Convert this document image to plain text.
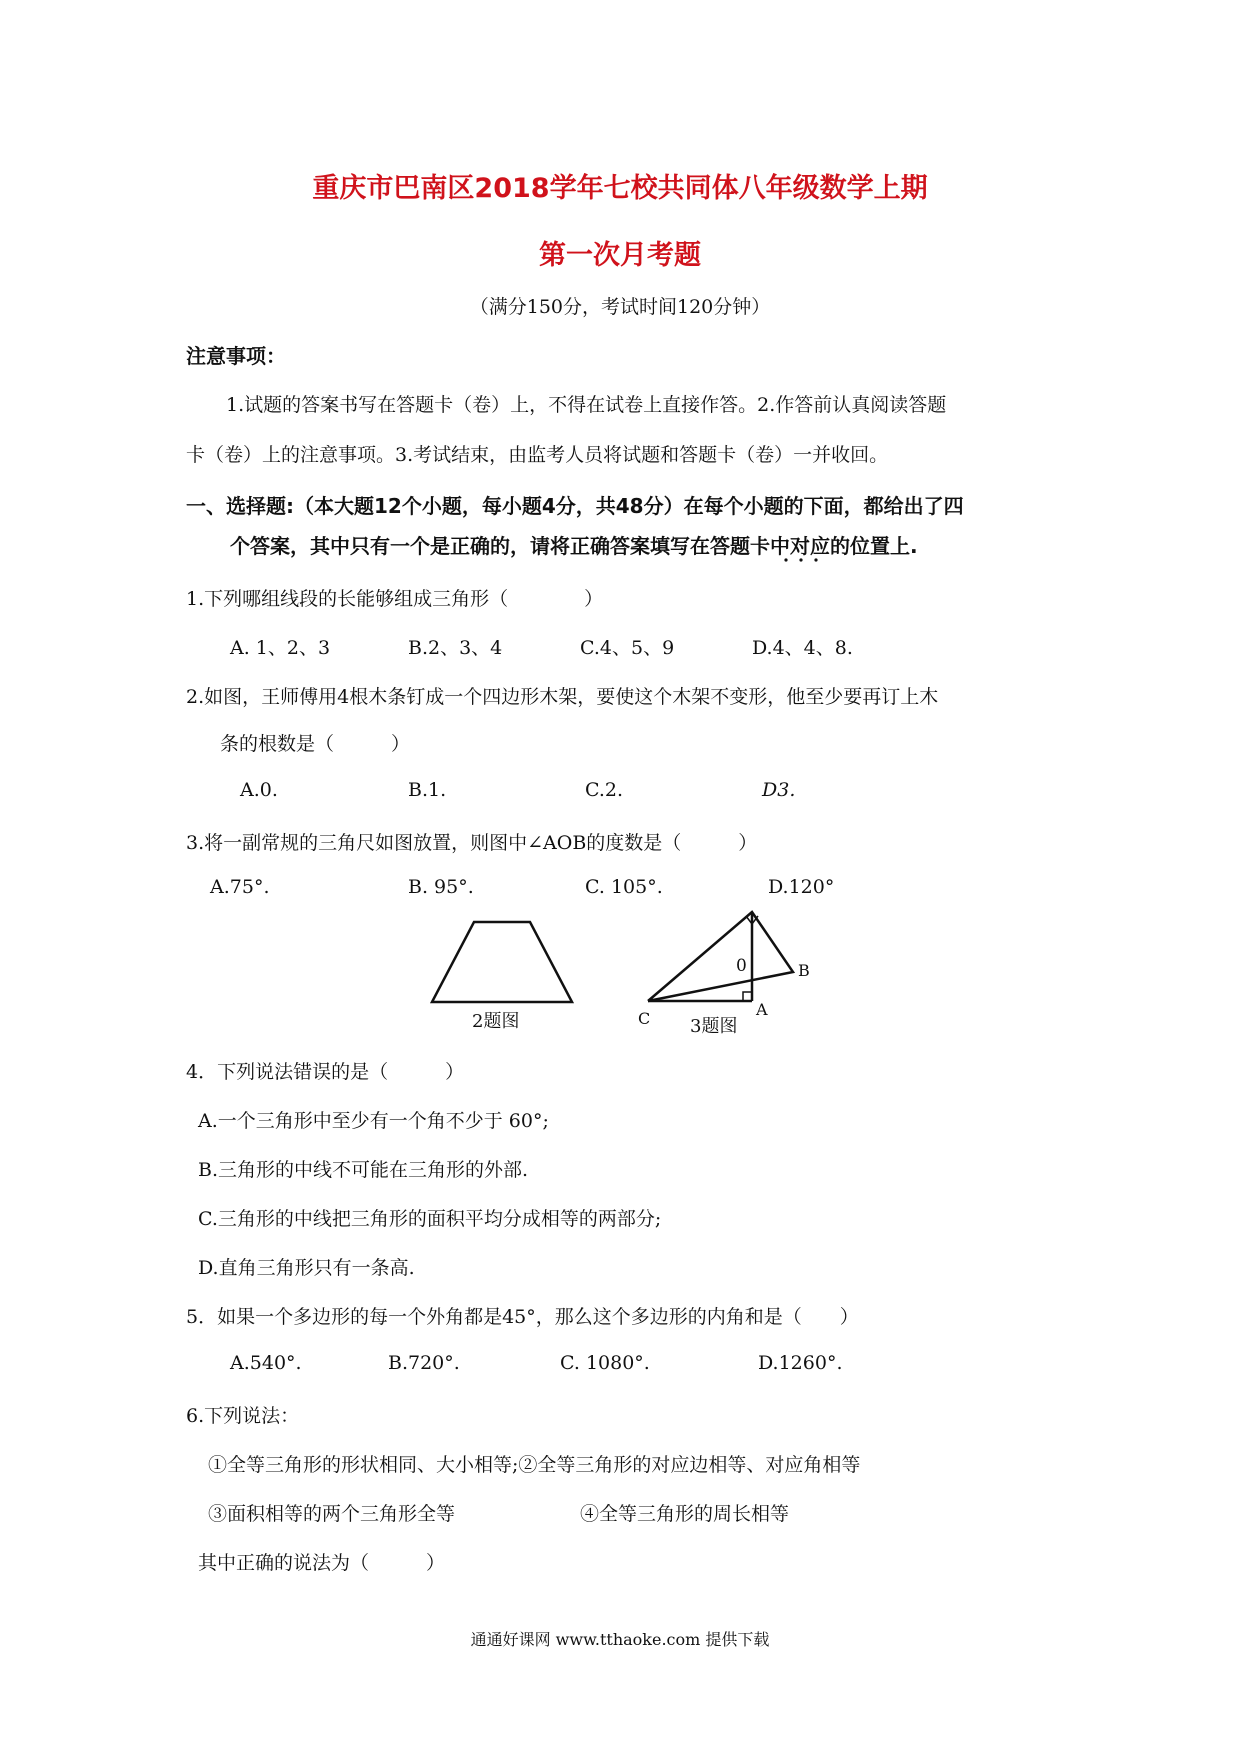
重庆市巴南区2018学年七校共同体八年级数学上期
第一次月考题
（满分150分，考试时间120分钟）
注意事项：
1.试题的答案书写在答题卡（卷）上，不得在试卷上直接作答。2.作答前认真阅读答题
卡（卷）上的注意事项。3.考试结束，由监考人员将试题和答题卡（卷）一并收回。
一、选择题:（本大题12个小题，每小题4分，共48分）在每个小题的下面，都给出了四
个答案，其中只有一个是正确的，请将正确答案填写在答题卡中对应的位置上.
1.下列哪组线段的长能够组成三角形（　　　　）
A. 1、2、3	B.2、3、4	C.4、5、9	D.4、4、8.
2.如图，王师傅用4根木条钉成一个四边形木架，要使这个木架不变形，他至少要再订上木
条的根数是（　　　）
A.0.	B.1.	C.2.	D3.
3.将一副常规的三角尺如图放置，则图中∠AOB的度数是（　　　）
A.75°.	B. 95°.	C. 105°.	D.120°
2题图	C
0	B
A
3题图
4．下列说法错误的是（　　　）
A.一个三角形中至少有一个角不少于 60°;
B.三角形的中线不可能在三角形的外部.
C.三角形的中线把三角形的面积平均分成相等的两部分;
D.直角三角形只有一条高.
5．如果一个多边形的每一个外角都是45°，那么这个多边形的内角和是（　　）
A.540°.	B.720°.	C. 1080°.	D.1260°.
6.下列说法：
①全等三角形的形状相同、大小相等;②全等三角形的对应边相等、对应角相等
③面积相等的两个三角形全等	④全等三角形的周长相等
其中正确的说法为（　　　）
通通好课网 www.tthaoke.com 提供下载
